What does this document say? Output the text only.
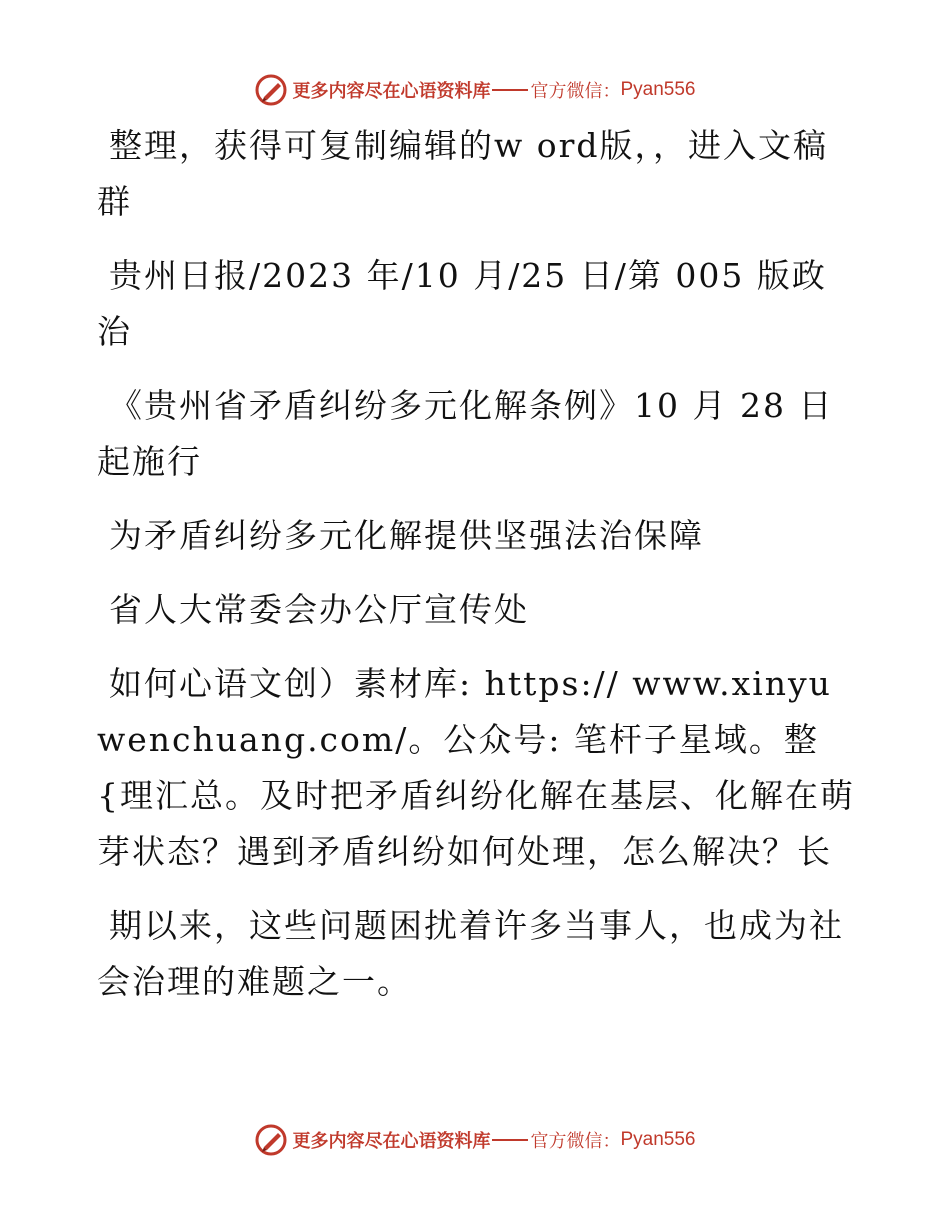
更多内容尽在心语资料库 官方微信： Pyan556

整理，获得可复制编辑的w ord版，，进入文稿群

贵州日报/2023 年/10 月/25 日/第 005 版政治

《贵州省矛盾纠纷多元化解条例》10 月 28 日起施行

为矛盾纠纷多元化解提供坚强法治保障

省人大常委会办公厅宣传处

如何心语文创）素材库: https:// www.xinyuwenchuang.com/。公众号: 笔杆子星域。整{理汇总。及时把矛盾纠纷化解在基层、化解在萌芽状态？遇到矛盾纠纷如何处理，怎么解决？长

期以来，这些问题困扰着许多当事人，也成为社会治理的难题之一。

更多内容尽在心语资料库 官方微信： Pyan556
